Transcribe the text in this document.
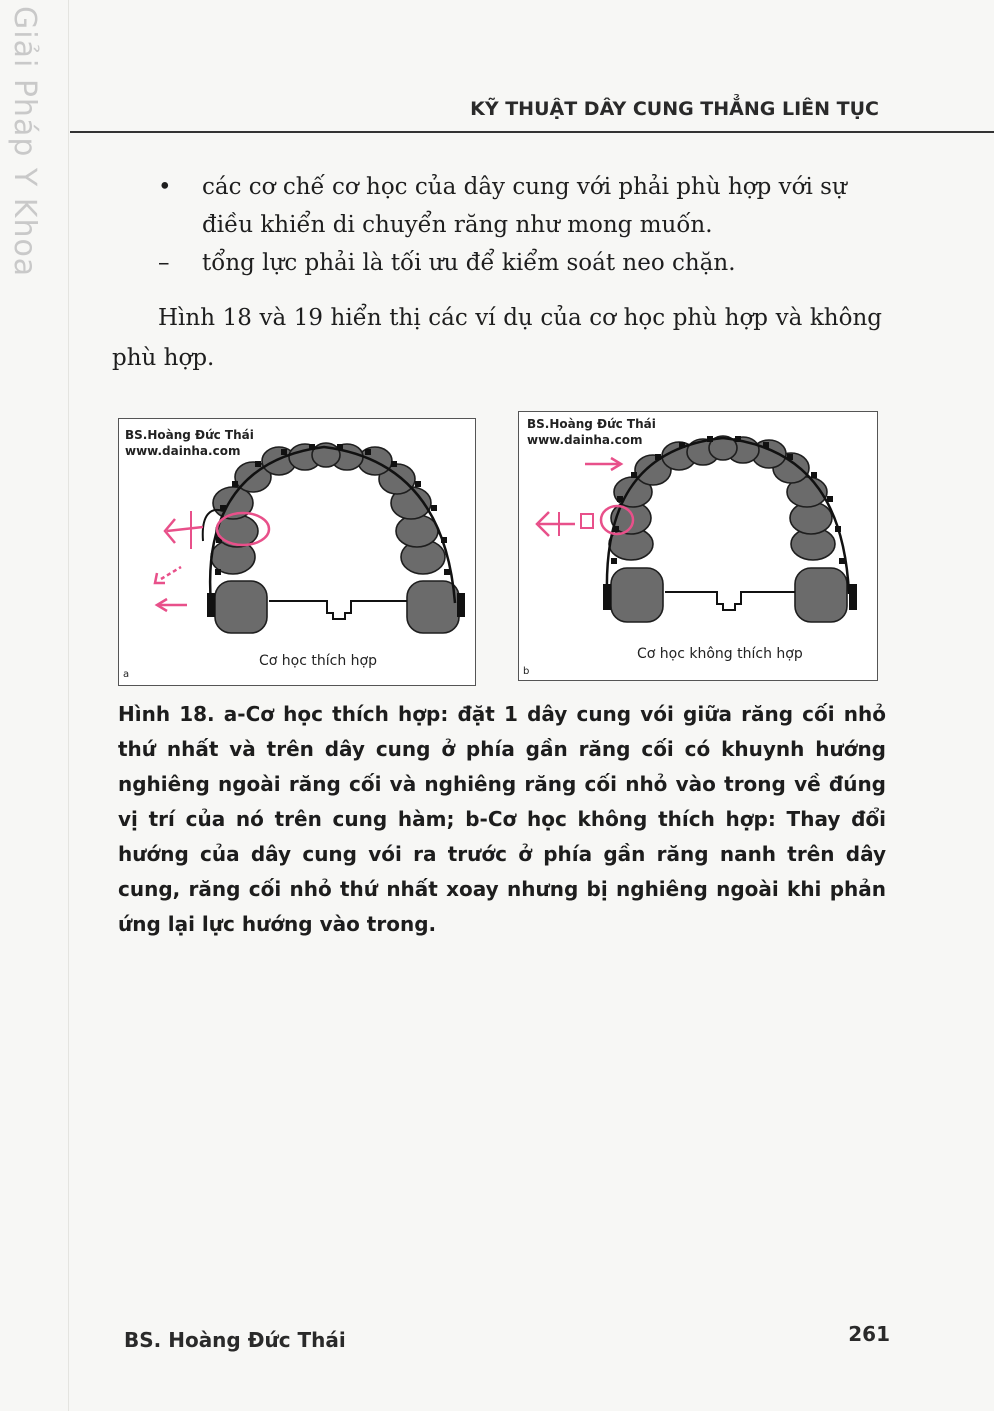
Giải Pháp Y Khoa	KỸ THUẬT DÂY CUNG THẲNG LIÊN TỤC
• các cơ chế cơ học của dây cung với phải phù hợp với sự điều khiển di chuyển răng như mong muốn.
– tổng lực phải là tối ưu để kiểm soát neo chặn.
Hình 18 và 19 hiển thị các ví dụ của cơ học phù hợp và không phù hợp.
BS.Hoàng Đức Thái
www.dainha.com
Cơ học thích hợp
a
BS.Hoàng Đức Thái
www.dainha.com
Cơ học không thích hợp
b
Hình 18. a-Cơ học thích hợp: đặt 1 dây cung vói giữa răng cối nhỏ thứ nhất và trên dây cung ở phía gần răng cối có khuynh hướng nghiêng ngoài răng cối và nghiêng răng cối nhỏ vào trong về đúng vị trí của nó trên cung hàm; b-Cơ học không thích hợp: Thay đổi hướng của dây cung vói ra trước ở phía gần răng nanh trên dây cung, răng cối nhỏ thứ nhất xoay nhưng bị nghiêng ngoài khi phản ứng lại lực hướng vào trong.
BS. Hoàng Đức Thái	261
